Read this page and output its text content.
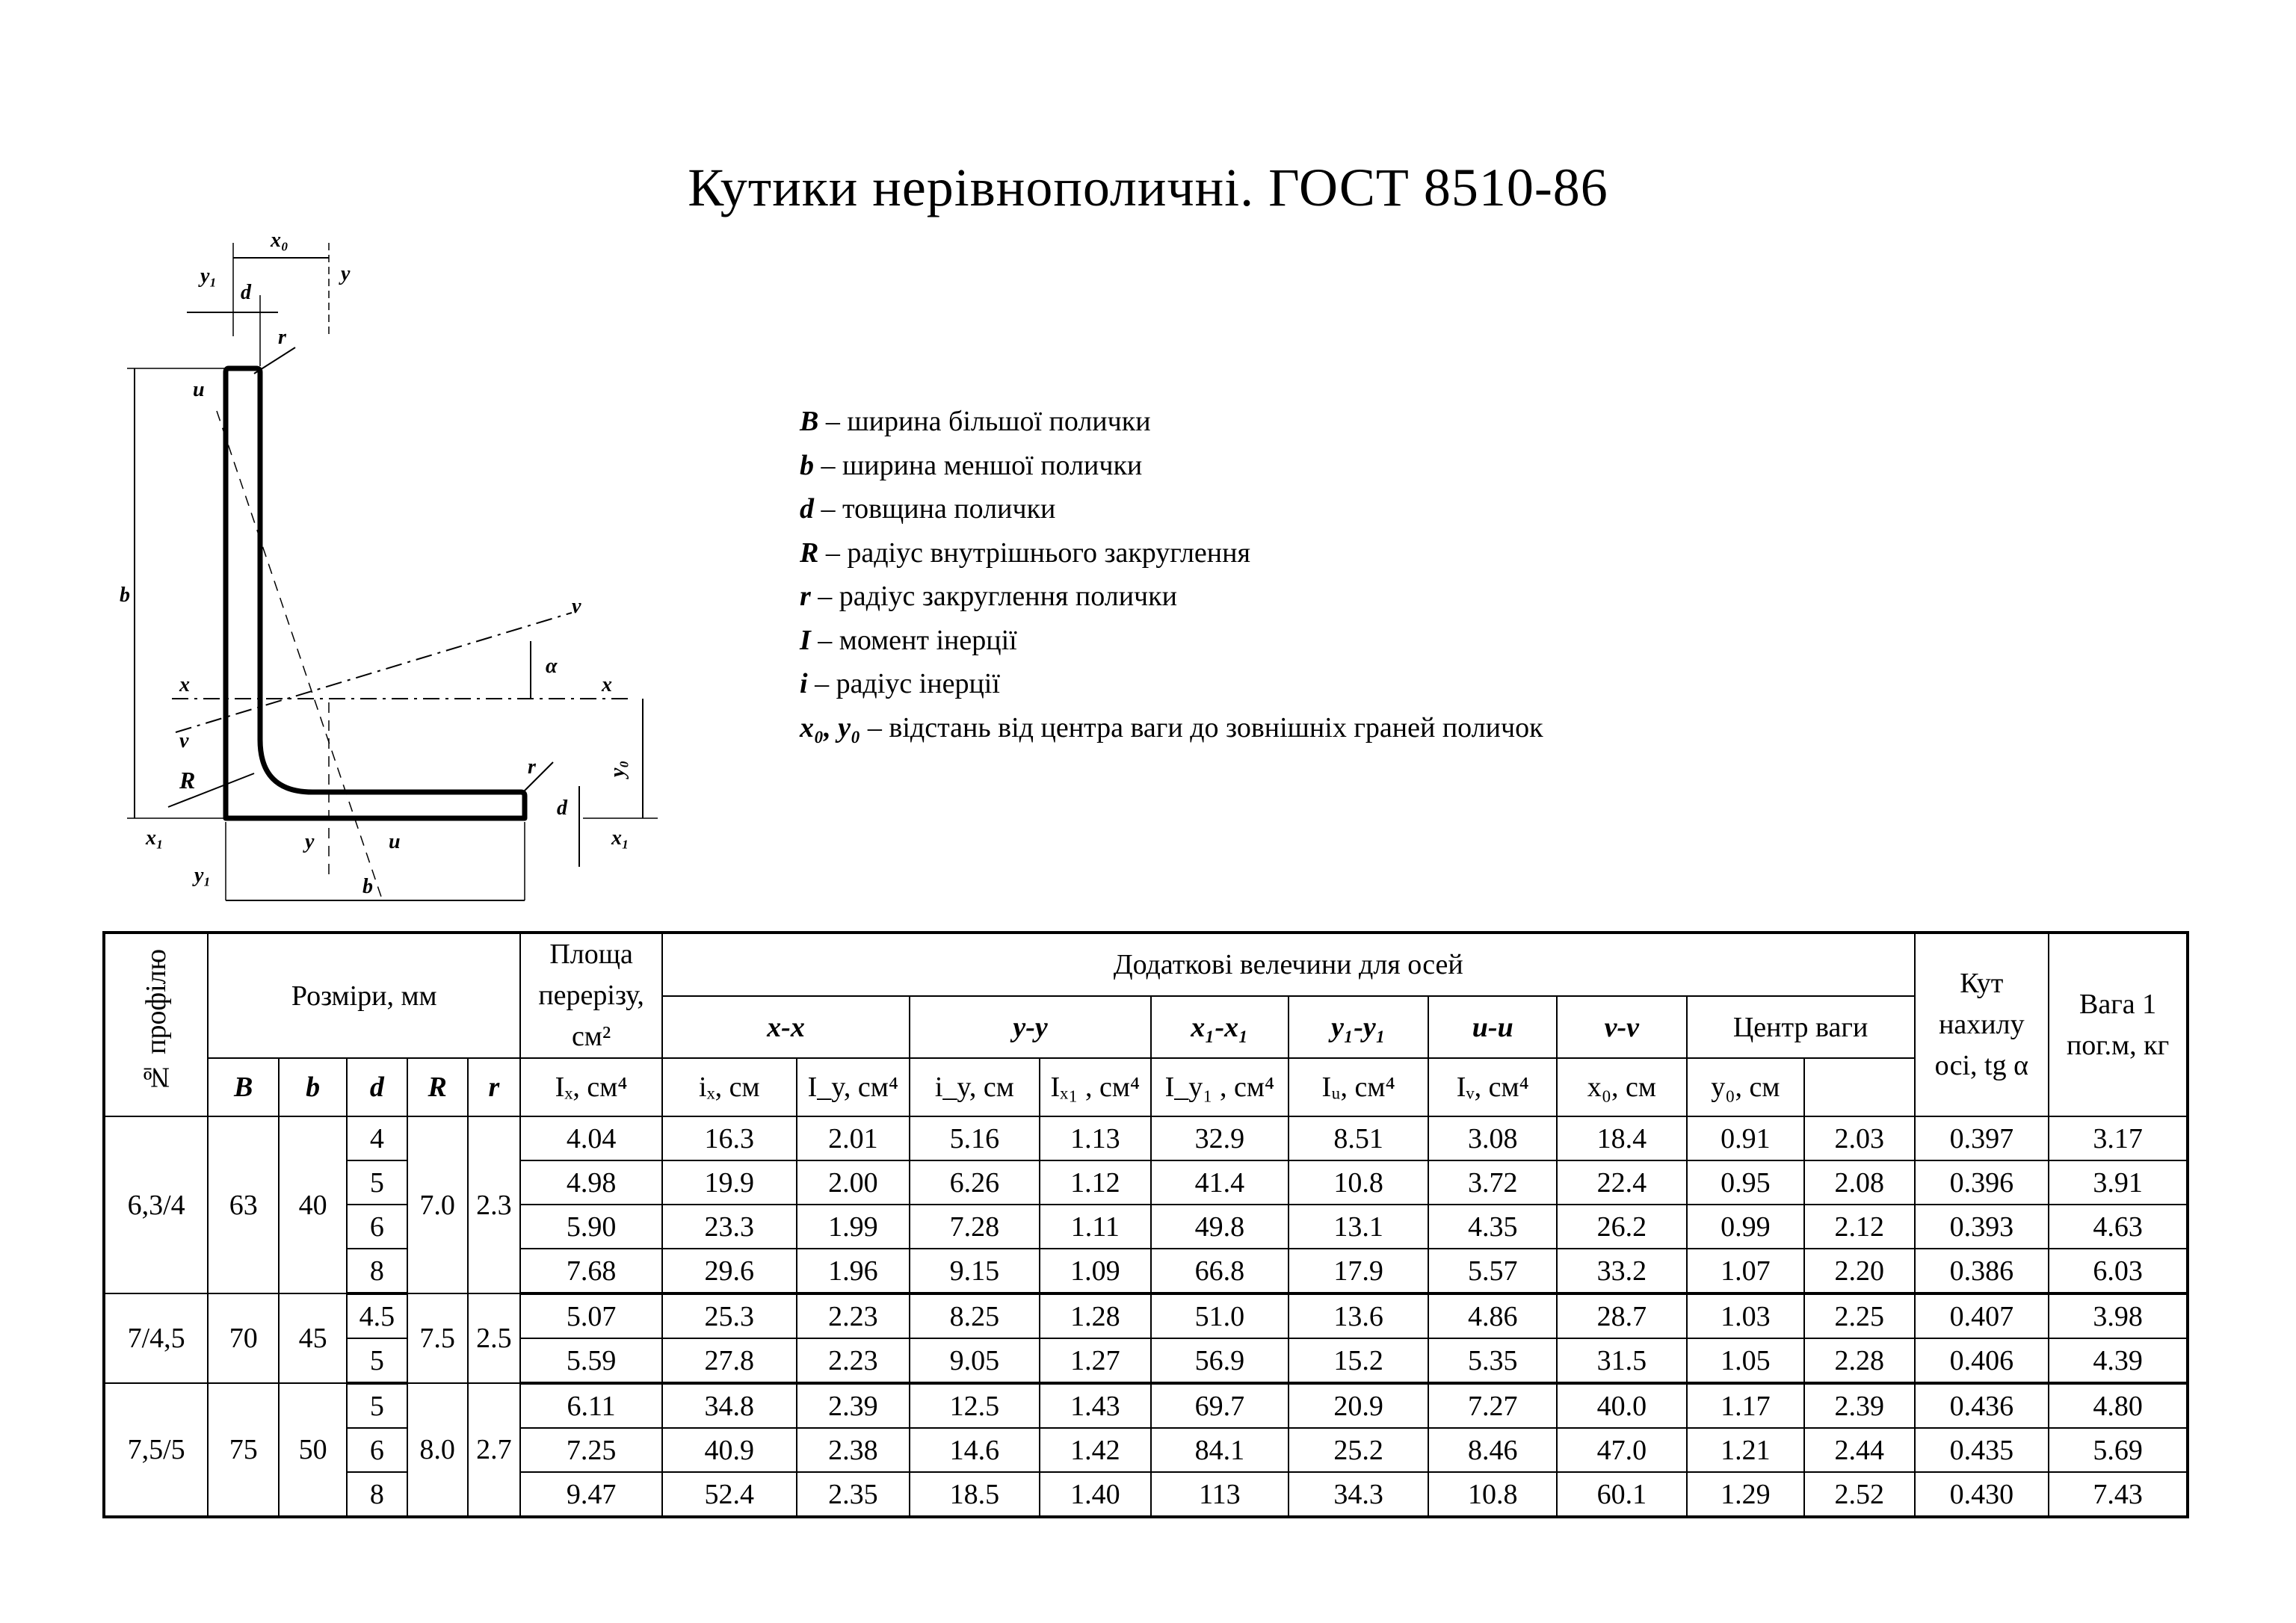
Кутики нерівнополичні. ГОСТ 8510-86
x₀
y
y₁
d
r
b
u
x	x
v
v
α
R	y₀
d
r
x₁	x₁
y	u
y₁	b
B – ширина більшої полички
b – ширина меншої полички
d – товщина полички
R – радіус внутрішнього закруглення
r – радіус закруглення полички
I – момент інерції
i – радіус інерції
x₀, y₀ – відстань від центра ваги до зовнішніх граней поличок
№ профілю	Розміри, мм					Площа перерізу, см²	Додаткові велечини для осей										Кут нахилу осі, tg α	Вага 1 пог.м, кг
							x-x		y-y		x₁-x₁	y₁-y₁	u-u	v-v	Центр ваги			
	B	b	d	R	r	Iₓ, см⁴	iₓ, см	I_y, см⁴	i_y, см	Iₓ₁ , см⁴	I_y₁ , см⁴	Iᵤ, см⁴	Iᵥ, см⁴	x₀, см	y₀, см			
6,3/4	63	40	4	7.0	2.3	4.04	16.3	2.01	5.16	1.13	32.9	8.51	3.08	18.4	0.91	2.03	0.397	3.17
			5			4.98	19.9	2.00	6.26	1.12	41.4	10.8	3.72	22.4	0.95	2.08	0.396	3.91
			6			5.90	23.3	1.99	7.28	1.11	49.8	13.1	4.35	26.2	0.99	2.12	0.393	4.63
			8			7.68	29.6	1.96	9.15	1.09	66.8	17.9	5.57	33.2	1.07	2.20	0.386	6.03
7/4,5	70	45	4.5	7.5	2.5	5.07	25.3	2.23	8.25	1.28	51.0	13.6	4.86	28.7	1.03	2.25	0.407	3.98
			5			5.59	27.8	2.23	9.05	1.27	56.9	15.2	5.35	31.5	1.05	2.28	0.406	4.39
7,5/5	75	50	5	8.0	2.7	6.11	34.8	2.39	12.5	1.43	69.7	20.9	7.27	40.0	1.17	2.39	0.436	4.80
			6			7.25	40.9	2.38	14.6	1.42	84.1	25.2	8.46	47.0	1.21	2.44	0.435	5.69
			8			9.47	52.4	2.35	18.5	1.40	113	34.3	10.8	60.1	1.29	2.52	0.430	7.43
